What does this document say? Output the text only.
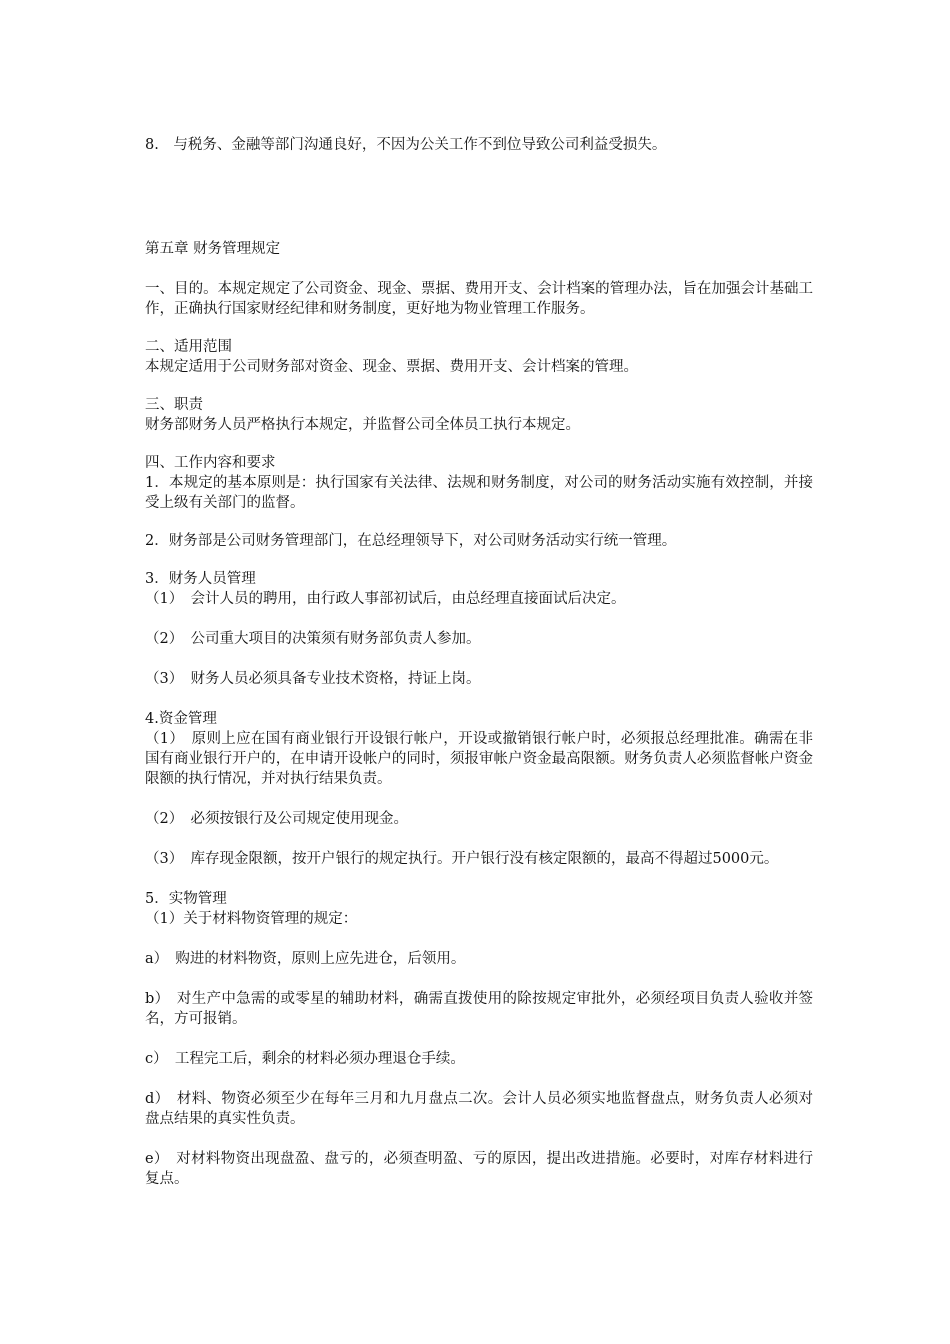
8.　与税务、金融等部门沟通良好，不因为公关工作不到位导致公司利益受损失。

第五章 财务管理规定

一、目的。本规定规定了公司资金、现金、票据、费用开支、会计档案的管理办法，旨在加强会计基础工作，正确执行国家财经纪律和财务制度，更好地为物业管理工作服务。

二、适用范围

本规定适用于公司财务部对资金、现金、票据、费用开支、会计档案的管理。

三、职责

财务部财务人员严格执行本规定，并监督公司全体员工执行本规定。

四、工作内容和要求

1．本规定的基本原则是：执行国家有关法律、法规和财务制度，对公司的财务活动实施有效控制，并接受上级有关部门的监督。

2．财务部是公司财务管理部门，在总经理领导下，对公司财务活动实行统一管理。

3．财务人员管理

（1）　会计人员的聘用，由行政人事部初试后，由总经理直接面试后决定。

（2）　公司重大项目的决策须有财务部负责人参加。

（3）　财务人员必须具备专业技术资格，持证上岗。

4.资金管理

（1）　原则上应在国有商业银行开设银行帐户，开设或撤销银行帐户时，必须报总经理批准。确需在非国有商业银行开户的，在申请开设帐户的同时，须报审帐户资金最高限额。财务负责人必须监督帐户资金限额的执行情况，并对执行结果负责。

（2）　必须按银行及公司规定使用现金。

（3）　库存现金限额，按开户银行的规定执行。开户银行没有核定限额的，最高不得超过5000元。

5．实物管理

（1）关于材料物资管理的规定：

a）　购进的材料物资，原则上应先进仓，后领用。

b）　对生产中急需的或零星的辅助材料，确需直拨使用的除按规定审批外，必须经项目负责人验收并签名，方可报销。

c）　工程完工后，剩余的材料必须办理退仓手续。

d）　材料、物资必须至少在每年三月和九月盘点二次。会计人员必须实地监督盘点，财务负责人必须对盘点结果的真实性负责。

e）　对材料物资出现盘盈、盘亏的，必须查明盈、亏的原因，提出改进措施。必要时，对库存材料进行复点。
